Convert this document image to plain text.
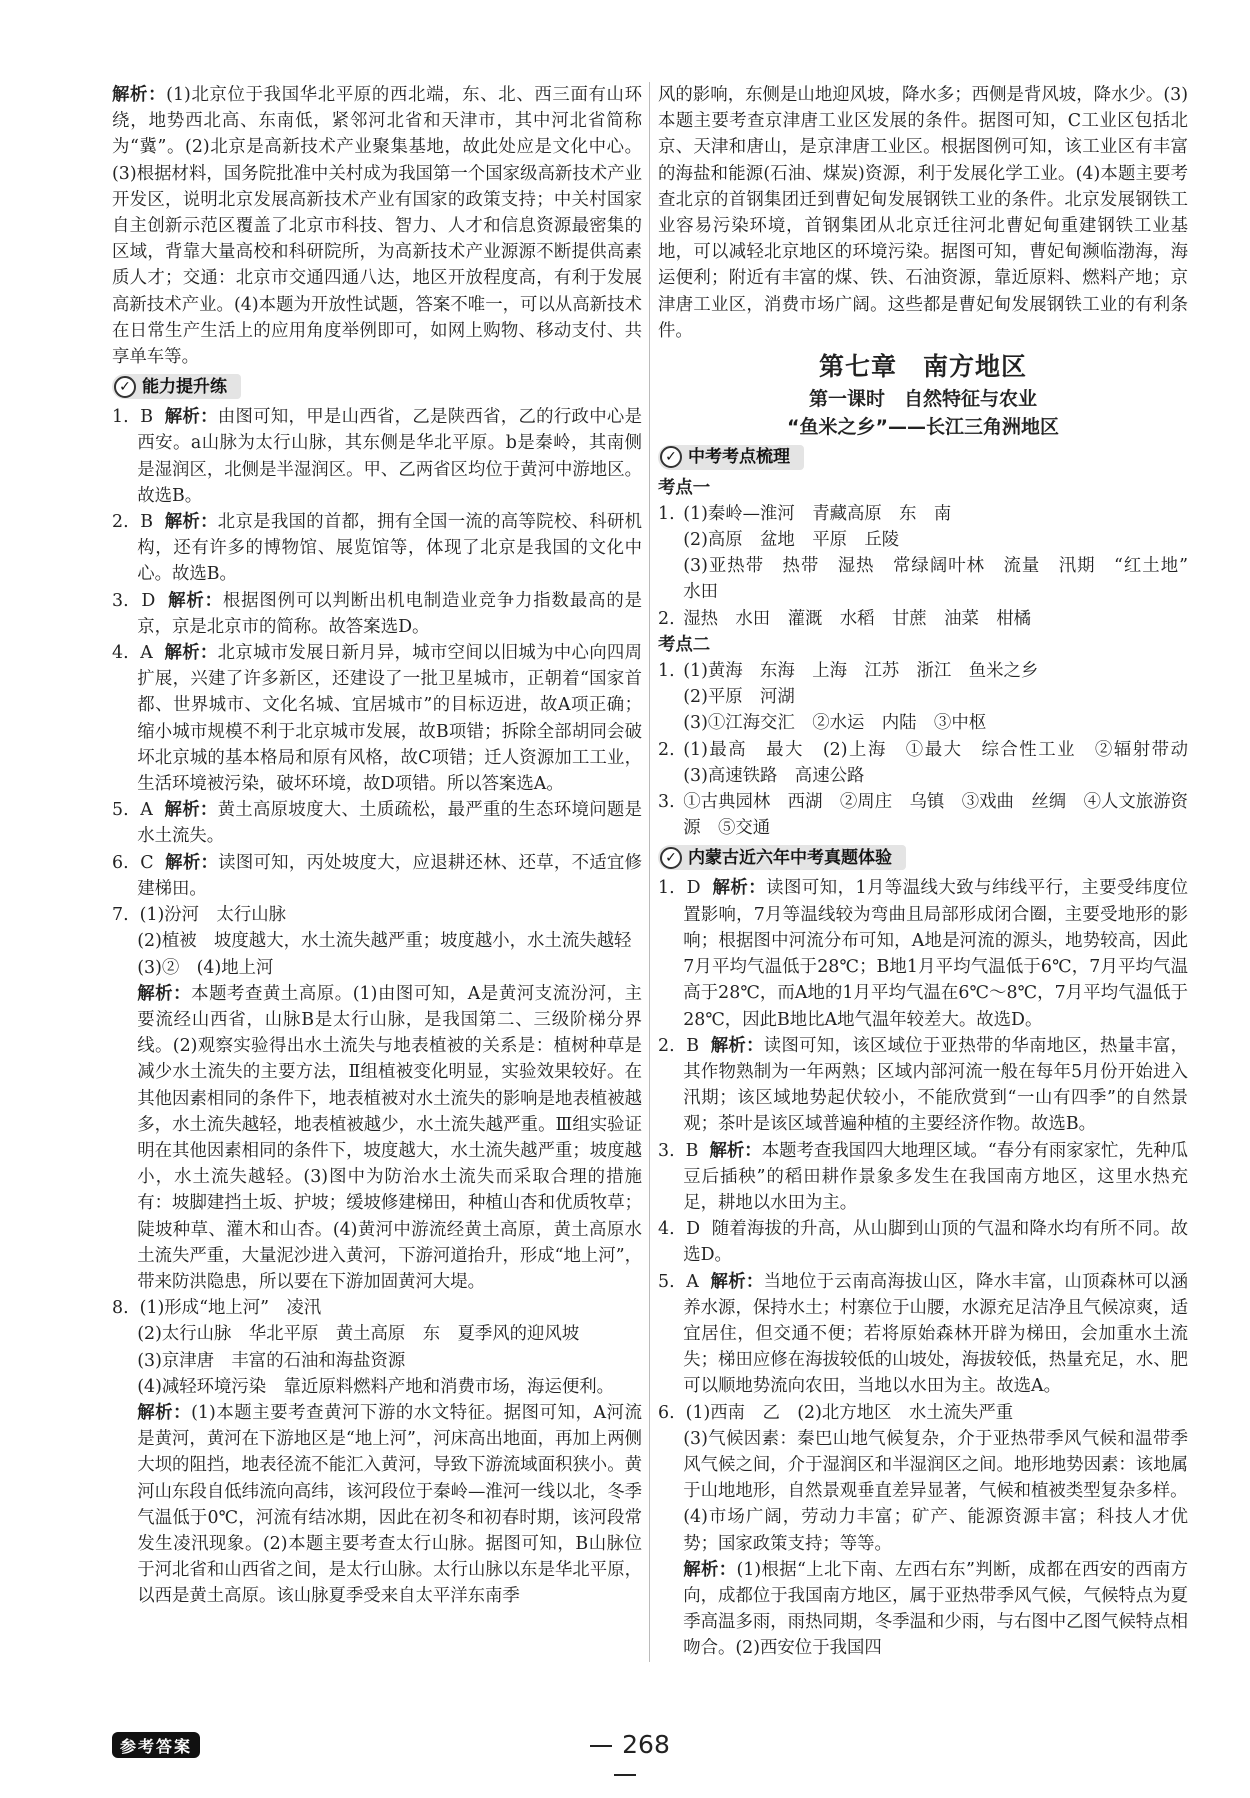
解析：(1)北京位于我国华北平原的西北端，东、北、西三面有山环绕，地势西北高、东南低，紧邻河北省和天津市，其中河北省简称为“冀”。(2)北京是高新技术产业聚集基地，故此处应是文化中心。(3)根据材料，国务院批准中关村成为我国第一个国家级高新技术产业开发区，说明北京发展高新技术产业有国家的政策支持；中关村国家自主创新示范区覆盖了北京市科技、智力、人才和信息资源最密集的区域，背靠大量高校和科研院所，为高新技术产业源源不断提供高素质人才；交通：北京市交通四通八达，地区开放程度高，有利于发展高新技术产业。(4)本题为开放性试题，答案不唯一，可以从高新技术在日常生产生活上的应用角度举例即可，如网上购物、移动支付、共享单车等。

✓ 能力提升练

1. B 解析：由图可知，甲是山西省，乙是陕西省，乙的行政中心是西安。a山脉为太行山脉，其东侧是华北平原。b是秦岭，其南侧是湿润区，北侧是半湿润区。甲、乙两省区均位于黄河中游地区。故选B。

2. B 解析：北京是我国的首都，拥有全国一流的高等院校、科研机构，还有许多的博物馆、展览馆等，体现了北京是我国的文化中心。故选B。

3. D 解析：根据图例可以判断出机电制造业竞争力指数最高的是京，京是北京市的简称。故答案选D。

4. A 解析：北京城市发展日新月异，城市空间以旧城为中心向四周扩展，兴建了许多新区，还建设了一批卫星城市，正朝着“国家首都、世界城市、文化名城、宜居城市”的目标迈进，故A项正确；缩小城市规模不利于北京城市发展，故B项错；拆除全部胡同会破坏北京城的基本格局和原有风格，故C项错；迁人资源加工工业，生活环境被污染，破坏环境，故D项错。所以答案选A。

5. A 解析：黄土高原坡度大、土质疏松，最严重的生态环境问题是水土流失。

6. C 解析：读图可知，丙处坡度大，应退耕还林、还草，不适宜修建梯田。

7. (1)汾河　太行山脉

(2)植被　坡度越大，水土流失越严重；坡度越小，水土流失越轻

(3)②　(4)地上河

解析：本题考查黄土高原。(1)由图可知，A是黄河支流汾河，主要流经山西省，山脉B是太行山脉，是我国第二、三级阶梯分界线。(2)观察实验得出水土流失与地表植被的关系是：植树种草是减少水土流失的主要方法，Ⅱ组植被变化明显，实验效果较好。在其他因素相同的条件下，地表植被对水土流失的影响是地表植被越多，水土流失越轻，地表植被越少，水土流失越严重。Ⅲ组实验证明在其他因素相同的条件下，坡度越大，水土流失越严重；坡度越小，水土流失越轻。(3)图中为防治水土流失而采取合理的措施有：坡脚建挡土坂、护坡；缓坡修建梯田，种植山杏和优质牧草；陡坡种草、灌木和山杏。(4)黄河中游流经黄土高原，黄土高原水土流失严重，大量泥沙进入黄河，下游河道抬升，形成“地上河”，带来防洪隐患，所以要在下游加固黄河大堤。

8. (1)形成“地上河”　凌汛

(2)太行山脉　华北平原　黄土高原　东　夏季风的迎风坡

(3)京津唐　丰富的石油和海盐资源

(4)减轻环境污染　靠近原料燃料产地和消费市场，海运便利。

解析：(1)本题主要考查黄河下游的水文特征。据图可知，A河流是黄河，黄河在下游地区是“地上河”，河床高出地面，再加上两侧大坝的阻挡，地表径流不能汇入黄河，导致下游流域面积狭小。黄河山东段自低纬流向高纬，该河段位于秦岭—淮河一线以北，冬季气温低于0℃，河流有结冰期，因此在初冬和初春时期，该河段常发生凌汛现象。(2)本题主要考查太行山脉。据图可知，B山脉位于河北省和山西省之间，是太行山脉。太行山脉以东是华北平原，以西是黄土高原。该山脉夏季受来自太平洋东南季

风的影响，东侧是山地迎风坡，降水多；西侧是背风坡，降水少。(3)本题主要考查京津唐工业区发展的条件。据图可知，C工业区包括北京、天津和唐山，是京津唐工业区。根据图例可知，该工业区有丰富的海盐和能源(石油、煤炭)资源，利于发展化学工业。(4)本题主要考查北京的首钢集团迁到曹妃甸发展钢铁工业的条件。北京发展钢铁工业容易污染环境，首钢集团从北京迁往河北曹妃甸重建钢铁工业基地，可以减轻北京地区的环境污染。据图可知，曹妃甸濒临渤海，海运便利；附近有丰富的煤、铁、石油资源，靠近原料、燃料产地；京津唐工业区，消费市场广阔。这些都是曹妃甸发展钢铁工业的有利条件。

第七章　南方地区
第一课时　自然特征与农业
“鱼米之乡”——长江三角洲地区
✓ 中考考点梳理

考点一

1. (1)秦岭—淮河　青藏高原　东　南

(2)高原　盆地　平原　丘陵

(3)亚热带　热带　湿热　常绿阔叶林　流量　汛期　“红土地”　水田

2. 湿热　水田　灌溉　水稻　甘蔗　油菜　柑橘

考点二

1. (1)黄海　东海　上海　江苏　浙江　鱼米之乡

(2)平原　河湖

(3)①江海交汇　②水运　内陆　③中枢

2. (1)最高　最大　(2)上海　①最大　综合性工业　②辐射带动　(3)高速铁路　高速公路

3. ①古典园林　西湖　②周庄　乌镇　③戏曲　丝绸　④人文旅游资源　⑤交通

✓ 内蒙古近六年中考真题体验

1. D 解析：读图可知，1月等温线大致与纬线平行，主要受纬度位置影响，7月等温线较为弯曲且局部形成闭合圈，主要受地形的影响；根据图中河流分布可知，A地是河流的源头，地势较高，因此7月平均气温低于28℃；B地1月平均气温低于6℃，7月平均气温高于28℃，而A地的1月平均气温在6℃～8℃，7月平均气温低于28℃，因此B地比A地气温年较差大。故选D。

2. B 解析：读图可知，该区域位于亚热带的华南地区，热量丰富，其作物熟制为一年两熟；区域内部河流一般在每年5月份开始进入汛期；该区域地势起伏较小，不能欣赏到“一山有四季”的自然景观；茶叶是该区域普遍种植的主要经济作物。故选B。

3. B 解析：本题考查我国四大地理区域。“春分有雨家家忙，先种瓜豆后插秧”的稻田耕作景象多发生在我国南方地区，这里水热充足，耕地以水田为主。

4. D 随着海拔的升高，从山脚到山顶的气温和降水均有所不同。故选D。

5. A 解析：当地位于云南高海拔山区，降水丰富，山顶森林可以涵养水源，保持水土；村寨位于山腰，水源充足洁净且气候凉爽，适宜居住，但交通不便；若将原始森林开辟为梯田，会加重水土流失；梯田应修在海拔较低的山坡处，海拔较低，热量充足，水、肥可以顺地势流向农田，当地以水田为主。故选A。

6. (1)西南　乙　(2)北方地区　水土流失严重

(3)气候因素：秦巴山地气候复杂，介于亚热带季风气候和温带季风气候之间，介于湿润区和半湿润区之间。地形地势因素：该地属于山地地形，自然景观垂直差异显著，气候和植被类型复杂多样。

(4)市场广阔，劳动力丰富；矿产、能源资源丰富；科技人才优势；国家政策支持；等等。

解析：(1)根据“上北下南、左西右东”判断，成都在西安的西南方向，成都位于我国南方地区，属于亚热带季风气候，气候特点为夏季高温多雨，雨热同期，冬季温和少雨，与右图中乙图气候特点相吻合。(2)西安位于我国四

参考答案	268
